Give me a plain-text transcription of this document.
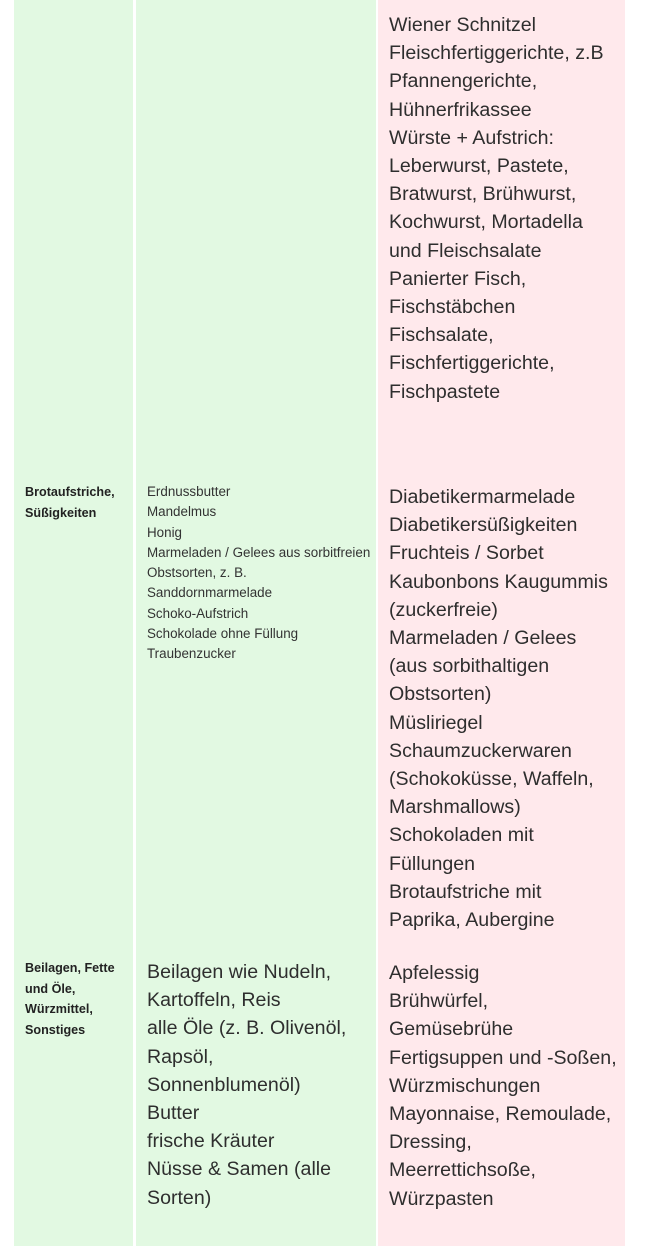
Wiener Schnitzel
Fleischfertiggerichte, z.B
Pfannengerichte,
Hühnerfrikassee
Würste + Aufstrich:
Leberwurst, Pastete,
Bratwurst, Brühwurst,
Kochwurst, Mortadella
und Fleischsalate
Panierter Fisch,
Fischstäbchen
Fischsalate,
Fischfertiggerichte,
Fischpastete
Brotaufstriche, Süßigkeiten
Erdnussbutter
Mandelmus
Honig
Marmeladen / Gelees aus sorbitfreien
Obstsorten, z. B.
Sanddornmarmelade
Schoko-Aufstrich
Schokolade ohne Füllung
Traubenzucker
Diabetikermarmelade
Diabetikersüßigkeiten
Fruchteis / Sorbet
Kaubonbons Kaugummis
(zuckerfreie)
Marmeladen / Gelees
(aus sorbithaltigen
Obstsorten)
Müsliriegel
Schaumzuckerwaren
(Schokoküsse, Waffeln,
Marshmallows)
Schokoladen mit
Füllungen
Brotaufstriche mit
Paprika, Aubergine
Beilagen, Fette und Öle, Würzmittel, Sonstiges
Beilagen wie Nudeln,
Kartoffeln, Reis
alle Öle (z. B. Olivenöl,
Rapsöl,
Sonnenblumenöl)
Butter
frische Kräuter
Nüsse & Samen (alle
Sorten)
Apfelessig
Brühwürfel,
Gemüsebrühe
Fertigsuppen und -Soßen,
Würzmischungen
Mayonnaise, Remoulade,
Dressing,
Meerrettichsoße,
Würzpasten
